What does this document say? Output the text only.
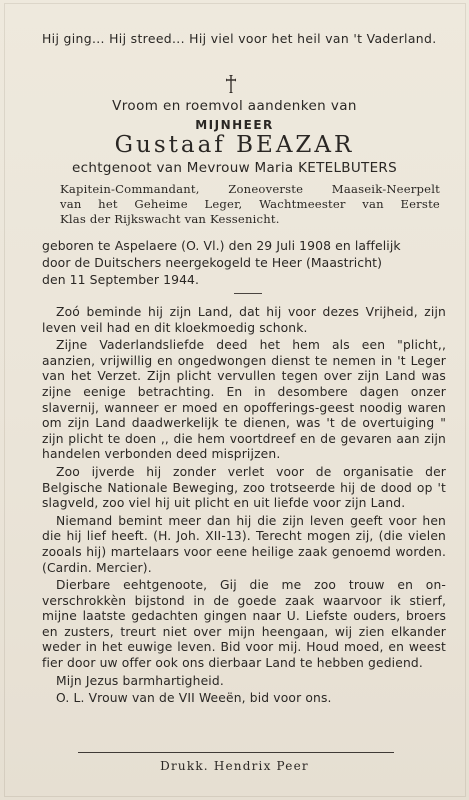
Hij ging... Hij streed... Hij viel voor het heil van 't Vaderland.
Vroom en roemvol aandenken van
MIJNHEER
Gustaaf BEAZAR
echtgenoot van Mevrouw Maria KETELBUTERS
Kapitein-Commandant, Zoneoverste Maaseik-Neerpelt
van het Geheime Leger, Wachtmeester van Eerste
Klas der Rijkswacht van Kessenicht.
geboren te Aspelaere (O. Vl.) den 29 Juli 1908 en laffelijk
door de Duitschers neergekogeld te Heer (Maastricht)
den 11 September 1944.
Zoó beminde hij zijn Land, dat hij voor dezes Vrijheid, zijn leven veil had en dit kloekmoedig schonk.
Zijne Vaderlandsliefde deed het hem als een "plicht,, aanzien, vrijwillig en ongedwongen dienst te nemen in 't Leger van het Verzet. Zijn plicht vervullen tegen over zijn Land was zijne eenige betrachting. En in desombere dagen onzer slavernij, wanneer er moed en opofferings-geest noodig waren om zijn Land daadwerkelijk te dienen, was 't de overtuiging " zijn plicht te doen ,, die hem voortdreef en de gevaren aan zijn handelen verbonden deed misprijzen.
Zoo ijverde hij zonder verlet voor de organisatie der Belgische Nationale Beweging, zoo trotseerde hij de dood op 't slagveld, zoo viel hij uit plicht en uit liefde voor zijn Land.
Niemand bemint meer dan hij die zijn leven geeft voor hen die hij lief heeft. (H. Joh. XII-13). Terecht mogen zij, (die vielen zooals hij) martelaars voor eene heilige zaak genoemd worden. (Cardin. Mercier).
Dierbare eehtgenoote, Gij die me zoo trouw en on-verschrokkèn bijstond in de goede zaak waarvoor ik stierf, mijne laatste gedachten gingen naar U. Liefste ouders, broers en zusters, treurt niet over mijn heengaan, wij zien elkander weder in het euwige leven. Bid voor mij. Houd moed, en weest fier door uw offer ook ons dierbaar Land te hebben gediend.
Mijn Jezus barmhartigheid.
O. L. Vrouw van de VII Weeën, bid voor ons.
Drukk. Hendrix Peer
